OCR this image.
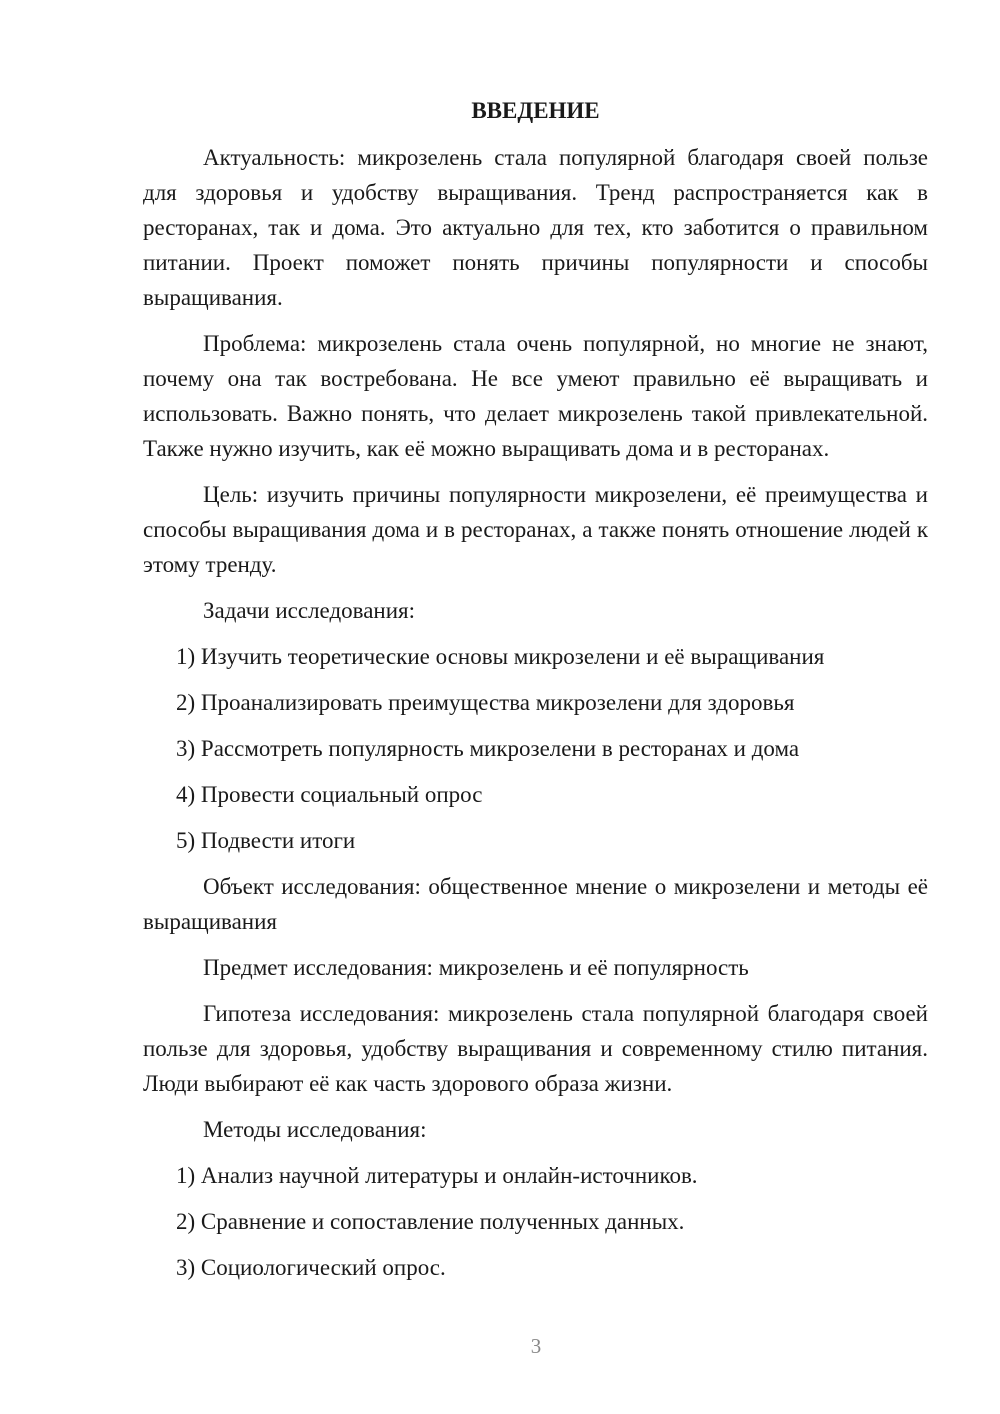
ВВЕДЕНИЕ

Актуальность: микрозелень стала популярной благодаря своей пользе для здоровья и удобству выращивания. Тренд распространяется как в ресторанах, так и дома. Это актуально для тех, кто заботится о правильном питании. Проект поможет понять причины популярности и способы выращивания.

Проблема: микрозелень стала очень популярной, но многие не знают, почему она так востребована. Не все умеют правильно её выращивать и использовать. Важно понять, что делает микрозелень такой привлекательной. Также нужно изучить, как её можно выращивать дома и в ресторанах.

Цель: изучить причины популярности микрозелени, её преимущества и способы выращивания дома и в ресторанах, а также понять отношение людей к этому тренду.

Задачи исследования:

1) Изучить теоретические основы микрозелени и её выращивания

2) Проанализировать преимущества микрозелени для здоровья

3) Рассмотреть популярность микрозелени в ресторанах и дома

4) Провести социальный опрос

5) Подвести итоги

Объект исследования: общественное мнение о микрозелени и методы её выращивания

Предмет исследования: микрозелень и её популярность

Гипотеза исследования: микрозелень стала популярной благодаря своей пользе для здоровья, удобству выращивания и современному стилю питания. Люди выбирают её как часть здорового образа жизни.

Методы исследования:

1) Анализ научной литературы и онлайн-источников.

2) Сравнение и сопоставление полученных данных.

3) Социологический опрос.

3
